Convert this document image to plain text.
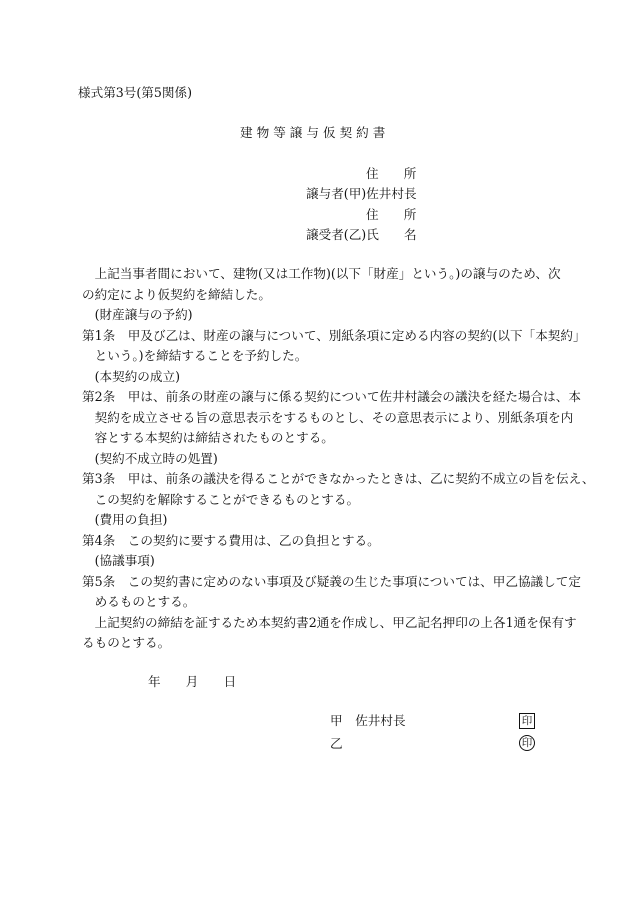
様式第3号(第5関係)
建物等譲与仮契約書
住　　所
譲与者(甲)佐井村長
住　　所
譲受者(乙)氏　　名
　上記当事者間において、建物(又は工作物)(以下「財産」という。)の譲与のため、次
の約定により仮契約を締結した。
　(財産譲与の予約)
第1条　甲及び乙は、財産の譲与について、別紙条項に定める内容の契約(以下「本契約」
　という。)を締結することを予約した。
　(本契約の成立)
第2条　甲は、前条の財産の譲与に係る契約について佐井村議会の議決を経た場合は、本
　契約を成立させる旨の意思表示をするものとし、その意思表示により、別紙条項を内
　容とする本契約は締結されたものとする。
　(契約不成立時の処置)
第3条　甲は、前条の議決を得ることができなかったときは、乙に契約不成立の旨を伝え、
　この契約を解除することができるものとする。
　(費用の負担)
第4条　この契約に要する費用は、乙の負担とする。
　(協議事項)
第5条　この契約書に定めのない事項及び疑義の生じた事項については、甲乙協議して定
　めるものとする。
　上記契約の締結を証するため本契約書2通を作成し、甲乙記名押印の上各1通を保有す
るものとする。
年　　月　　日
甲　佐井村長	印
乙	印
